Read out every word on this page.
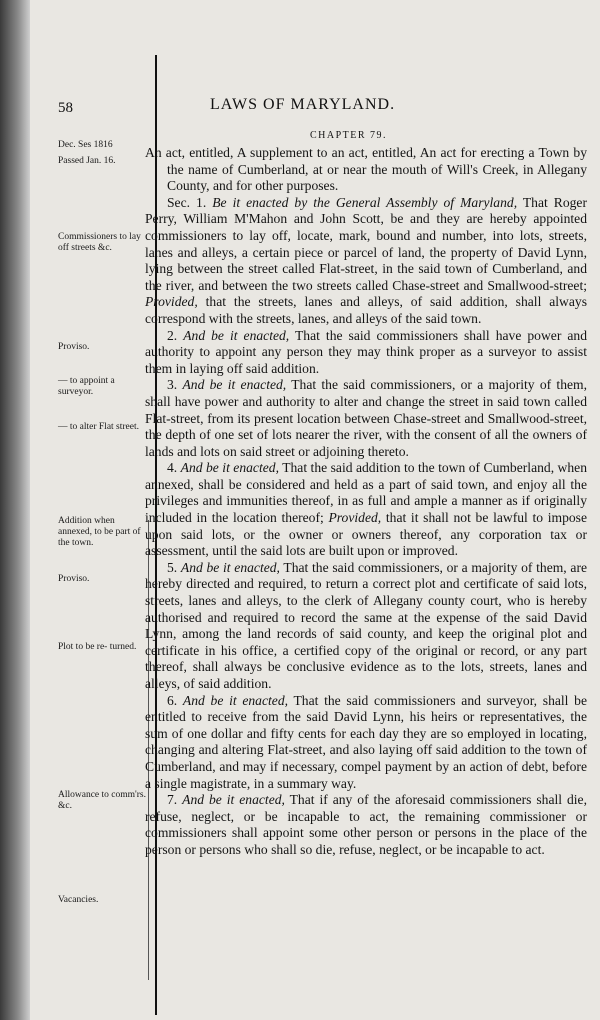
58	LAWS OF MARYLAND.
CHAPTER 79.
Dec. Ses 1816
Passed Jan. 16.
Commissioners to lay off streets &c.
Proviso.
— to appoint a surveyor.
— to alter Flat street.
Addition when annexed, to be part of the town.
Proviso.
Plot to be re- turned.
Allowance to comm'rs. &c.
Vacancies.

An act, entitled, A supplement to an act, entitled, An act for erecting a Town by the name of Cumberland, at or near the mouth of Will's Creek, in Allegany County, and for other purposes.

Sec. 1. Be it enacted by the General Assembly of Maryland, That Roger Perry, William M'Mahon and John Scott, be and they are hereby appointed commissioners to lay off, locate, mark, bound and number, into lots, streets, lanes and alleys, a certain piece or parcel of land, the property of David Lynn, lying between the street called Flat-street, in the said town of Cumberland, and the river, and between the two streets called Chase-street and Smallwood-street; Provided, that the streets, lanes and alleys, of said addition, shall always correspond with the streets, lanes, and alleys of the said town.

2. And be it enacted, That the said commissioners shall have power and authority to appoint any person they may think proper as a surveyor to assist them in laying off said addition.

3. And be it enacted, That the said commissioners, or a majority of them, shall have power and authority to alter and change the street in said town called Flat-street, from its present location between Chase-street and Smallwood-street, the depth of one set of lots nearer the river, with the consent of all the owners of lands and lots on said street or adjoining thereto.

4. And be it enacted, That the said addition to the town of Cumberland, when annexed, shall be considered and held as a part of said town, and enjoy all the privileges and immunities thereof, in as full and ample a manner as if originally included in the location thereof; Provided, that it shall not be lawful to impose upon said lots, or the owner or owners thereof, any corporation tax or assessment, until the said lots are built upon or improved.

5. And be it enacted, That the said commissioners, or a majority of them, are hereby directed and required, to return a correct plot and certificate of said lots, streets, lanes and alleys, to the clerk of Allegany county court, who is hereby authorised and required to record the same at the expense of the said David Lynn, among the land records of said county, and keep the original plot and certificate in his office, a certified copy of the original or record, or any part thereof, shall always be conclusive evidence as to the lots, streets, lanes and alleys, of said addition.

6. And be it enacted, That the said commissioners and surveyor, shall be entitled to receive from the said David Lynn, his heirs or representatives, the sum of one dollar and fifty cents for each day they are so employed in locating, changing and altering Flat-street, and also laying off said addition to the town of Cumberland, and may if necessary, compel payment by an action of debt, before a single magistrate, in a summary way.

7. And be it enacted, That if any of the aforesaid commissioners shall die, refuse, neglect, or be incapable to act, the remaining commissioner or commissioners shall appoint some other person or persons in the place of the person or persons who shall so die, refuse, neglect, or be incapable to act.
